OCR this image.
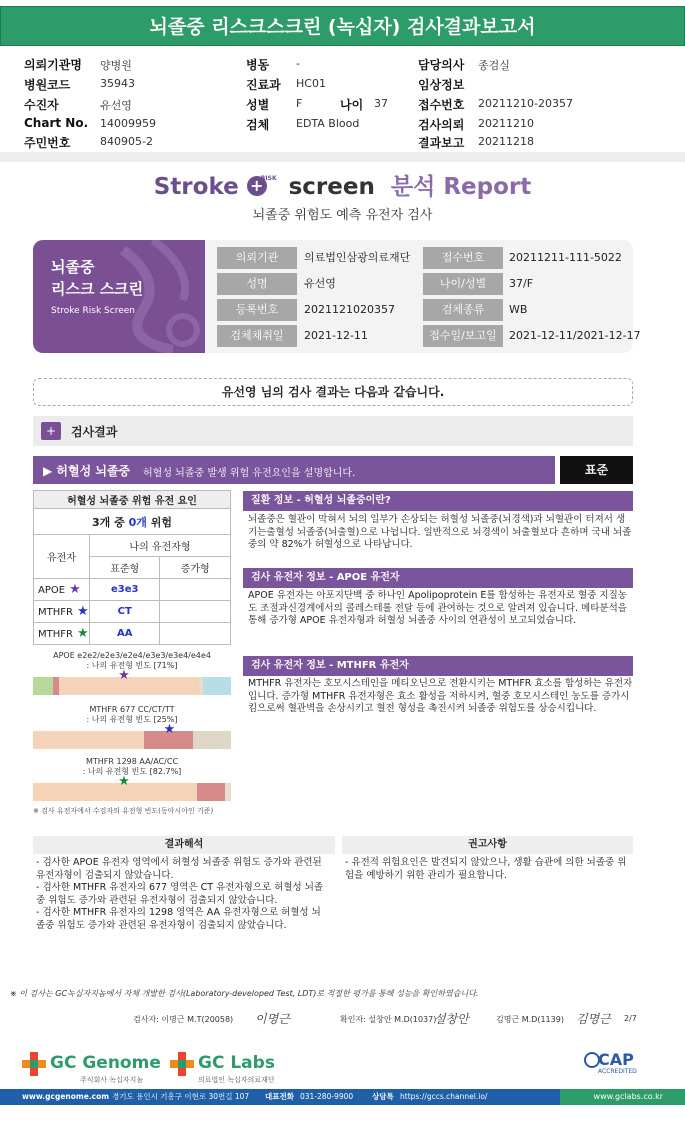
뇌졸중 리스크스크린 (녹십자) 검사결과보고서
의뢰기관명 양병원
병원코드	35943
수진자	유선영
Chart No. 14009959
주민번호	840905-2
병동 -
진료과 HC01
성별 F	나이 37
검체 EDTA Blood
담당의사 종검실
임상정보
접수번호 20211210-20357
검사의뢰 20211210
결과보고 20211218
Stroke + $^{RISK}$ screen 분석 Report
뇌졸중 위험도 예측 유전자 검사
뇌졸중
리스크 스크린
Stroke Risk Screen
의뢰기관	의료법인삼광의료재단	접수번호	20211211-111-5022
성명	유선영	나이/성별	37/F
등록번호	2021121020357	검체종류	WB
검체채취일	2021-12-11	접수일/보고일	2021-12-11/2021-12-17
유선영 님의 검사 결과는 다음과 같습니다.
+	검사결과
▶ 허혈성 뇌졸중 허혈성 뇌졸중 발생 위험 유전요인을 설명합니다.	표준
허혈성 뇌졸중 위험 유전 요인		
3개 중 0개 위험		
유전자	나의 유전자형	
	표준형	증가형
APOE ★	e3e3	
MTHFR ★	CT	
MTHFR ★	AA	
APOE e2e2/e2e3/e2e4/e3e3/e3e4/e4e4
: 나의 유전형 빈도 [71%]
★
MTHFR 677 CC/CT/TT
: 나의 유전형 빈도 [25%]
★
MTHFR 1298 AA/AC/CC
: 나의 유전형 빈도 [82.7%]
★
※ 검사 유전자에서 수검자의 유전형 빈도(동아시아인 기준)
질환 정보 - 허혈성 뇌졸중이란?
뇌졸중은 혈관이 막혀서 뇌의 일부가 손상되는 허혈성 뇌졸중(뇌경색)과 뇌혈관이 터져서 생기는출혈성 뇌졸중(뇌출혈)으로 나뉩니다. 일반적으로 뇌경색이 뇌출혈보다 흔하며 국내 뇌졸중의 약 82%가 허혈성으로 나타납니다.
검사 유전자 정보 - APOE 유전자
APOE 유전자는 아포지단백 중 하나인 Apolipoprotein E를 합성하는 유전자로 혈중 지질농도 조절과신경계에서의 콜레스테롤 전달 등에 관여하는 것으로 알려져 있습니다. 메타분석을 통해 증가형 APOE 유전자형과 허혈성 뇌졸중 사이의 연관성이 보고되었습니다.
검사 유전자 정보 - MTHFR 유전자
MTHFR 유전자는 호모시스테인을 메티오닌으로 전환시키는 MTHFR 효소를 합성하는 유전자입니다. 증가형 MTHFR 유전자형은 효소 활성을 저하시켜, 혈중 호모시스테인 농도를 증가시킴으로써 혈관벽을 손상시키고 혈전 형성을 촉진시켜 뇌졸중 위험도를 상승시킵니다.
결과해석
- 검사한 APOE 유전자 영역에서 허혈성 뇌졸중 위험도 증가와 관련된 유전자형이 검출되지 않았습니다.
- 검사한 MTHFR 유전자의 677 영역은 CT 유전자형으로 허혈성 뇌졸중 위험도 증가와 관련된 유전자형이 검출되지 않았습니다.
- 검사한 MTHFR 유전자의 1298 영역은 AA 유전자형으로 허혈성 뇌졸중 위험도 증가와 관련된 유전자형이 검출되지 않았습니다.
권고사항
- 유전적 위험요인은 발견되지 않았으나, 생활 습관에 의한 뇌졸중 위험을 예방하기 위한 관리가 필요합니다.
※ 이 검사는 GC녹십자지놈에서 자체 개발한 검사(Laboratory-developed Test, LDT)로 적절한 평가를 통해 성능을 확인하였습니다.
검사자: 이명근 M.T(20058) 이명근	확인자: 설창안 M.D(1037)
설창안	김명근 M.D(1139) 김명근 2/7
GC Genome
주식회사 녹십자지놈
GC Labs
의료법인 녹십자의료재단
CAP
ACCREDITED
www.gcgenome.com 경기도 용인시 기흥구 이현로 30번길 107 대표전화 031-280-9900	상담톡 https://gccs.channel.io/	www.gclabs.co.kr
